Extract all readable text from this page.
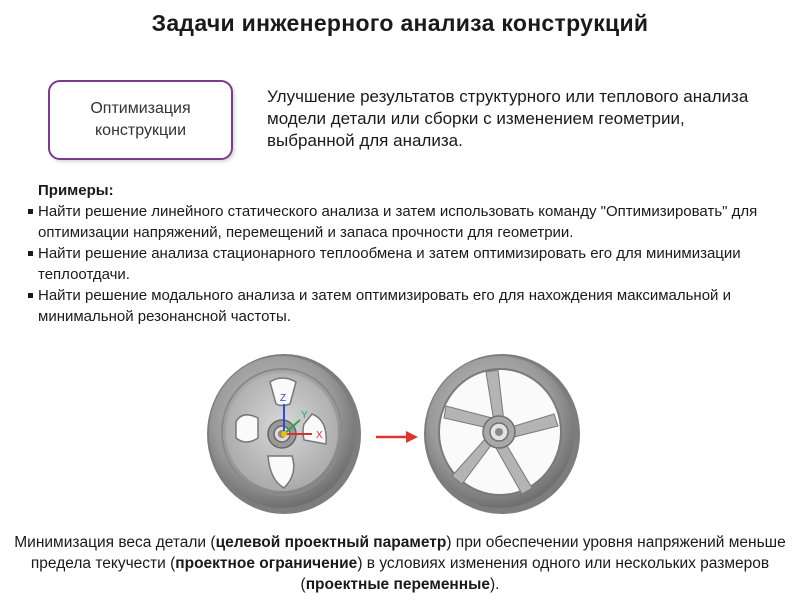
Задачи инженерного анализа конструкций
Оптимизация
конструкции
Улучшение результатов структурного или теплового анализа модели детали или сборки с изменением геометрии, выбранной для анализа.
Примеры:
Найти решение линейного статического анализа и затем использовать команду "Оптимизировать" для оптимизации напряжений, перемещений и запаса прочности для геометрии.
Найти решение анализа стационарного теплообмена и затем оптимизировать его для минимизации теплоотдачи.
Найти решение модального анализа и затем оптимизировать его для нахождения максимальной и минимальной резонансной частоты.
Z
Y
X
Минимизация веса детали (целевой проектный параметр) при обеспечении уровня напряжений меньше предела текучести (проектное ограничение) в условиях изменения одного или нескольких размеров (проектные переменные).
